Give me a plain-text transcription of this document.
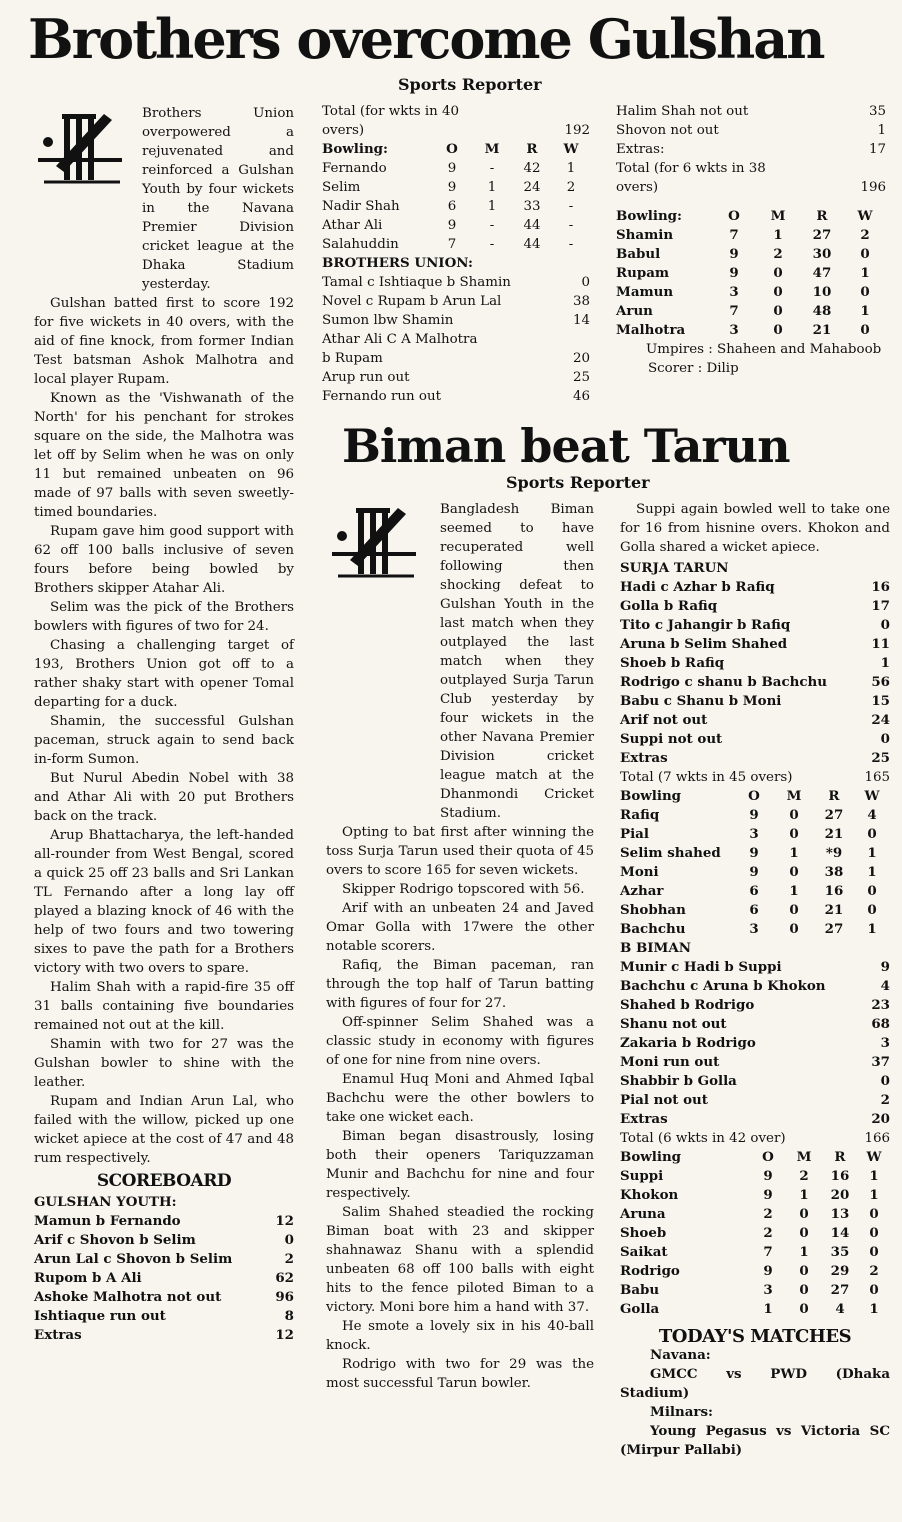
Brothers overcome Gulshan
Sports Reporter

Brothers Union overpowered a rejuvenated and reinforced a Gulshan Youth by four wickets in the Navana Premier Division cricket league at the Dhaka Stadium yesterday.

Gulshan batted first to score 192 for five wickets in 40 overs, with the aid of fine knock, from former Indian Test batsman Ashok Malhotra and local player Rupam.

Known as the 'Vishwanath of the North' for his penchant for strokes square on the side, the Malhotra was let off by Selim when he was on only 11 but remained unbeaten on 96 made of 97 balls with seven sweetly-timed boundaries.

Rupam gave him good support with 62 off 100 balls inclusive of seven fours before being bowled by Brothers skipper Atahar Ali.

Selim was the pick of the Brothers bowlers with figures of two for 24.

Chasing a challenging target of 193, Brothers Union got off to a rather shaky start with opener Tomal departing for a duck.

Shamin, the successful Gulshan paceman, struck again to send back in-form Sumon.

But Nurul Abedin Nobel with 38 and Athar Ali with 20 put Brothers back on the track.

Arup Bhattacharya, the left-handed all-rounder from West Bengal, scored a quick 25 off 23 balls and Sri Lankan TL Fernando after a long lay off played a blazing knock of 46 with the help of two fours and two towering sixes to pave the path for a Brothers victory with two overs to spare.

Halim Shah with a rapid-fire 35 off 31 balls containing five boundaries remained not out at the kill.

Shamin with two for 27 was the Gulshan bowler to shine with the leather.

Rupam and Indian Arun Lal, who failed with the willow, picked up one wicket apiece at the cost of 47 and 48 rum respectively.

SCOREBOARD
GULSHAN YOUTH:
Mamun b Fernando	12
Arif c Shovon b Selim	0
Arun Lal c Shovon b Selim	2
Rupom b A Ali	62
Ashoke Malhotra not out	96
Ishtiaque run out	8
Extras	12
Total (for wkts in 40
overs)	192
Bowling:	O	M	R	W
Fernando	9	-	42	1
Selim	9	1	24	2
Nadir Shah	6	1	33	-
Athar Ali	9	-	44	-
Salahuddin	7	-	44	-
BROTHERS UNION:
Tamal c Ishtiaque b Shamin	0
Novel c Rupam b Arun Lal	38
Sumon lbw Shamin	14
Athar Ali C A Malhotra
b Rupam	20
Arup run out	25
Fernando run out	46
Halim Shah not out	35
Shovon not out	1
Extras:	17
Total (for 6 wkts in 38
overs)	196
Bowling:	O	M	R	W
Shamin	7	1	27	2
Babul	9	2	30	0
Rupam	9	0	47	1
Mamun	3	0	10	0
Arun	7	0	48	1
Malhotra	3	0	21	0

Umpires : Shaheen and Mahaboob

Scorer : Dilip
Biman beat Tarun
Sports Reporter

Bangladesh Biman seemed to have recuperated well following then shocking defeat to Gulshan Youth in the last match when they outplayed the last match when they outplayed Surja Tarun Club yesterday by four wickets in the other Navana Premier Division cricket league match at the Dhanmondi Cricket Stadium.

Opting to bat first after winning the toss Surja Tarun used their quota of 45 overs to score 165 for seven wickets.

Skipper Rodrigo topscored with 56.

Arif with an unbeaten 24 and Javed Omar Golla with 17were the other notable scorers.

Rafiq, the Biman paceman, ran through the top half of Tarun batting with figures of four for 27.

Off-spinner Selim Shahed was a classic study in economy with figures of one for nine from nine overs.

Enamul Huq Moni and Ahmed Iqbal Bachchu were the other bowlers to take one wicket each.

Biman began disastrously, losing both their openers Tariquzzaman Munir and Bachchu for nine and four respectively.

Salim Shahed steadied the rocking Biman boat with 23 and skipper shahnawaz Shanu with a splendid unbeaten 68 off 100 balls with eight hits to the fence piloted Biman to a victory. Moni bore him a hand with 37.

He smote a lovely six in his 40-ball knock.

Rodrigo with two for 29 was the most successful Tarun bowler.

Suppi again bowled well to take one for 16 from hisnine overs. Khokon and Golla shared a wicket apiece.

SURJA TARUN
Hadi c Azhar b Rafiq	16
Golla b Rafiq	17
Tito c Jahangir b Rafiq	0
Aruna b Selim Shahed	11
Shoeb b Rafiq	1
Rodrigo c shanu b Bachchu	56
Babu c Shanu b Moni	15
Arif not out	24
Suppi not out	0
Extras	25
Total (7 wkts in 45 overs)	165
Bowling	O	M	R	W
Rafiq	9	0	27	4
Pial	3	0	21	0
Selim shahed	9	1	*9	1
Moni	9	0	38	1
Azhar	6	1	16	0
Shobhan	6	0	21	0
Bachchu	3	0	27	1
B BIMAN
Munir c Hadi b Suppi	9
Bachchu c Aruna b Khokon	4
Shahed b Rodrigo	23
Shanu not out	68
Zakaria b Rodrigo	3
Moni run out	37
Shabbir b Golla	0
Pial not out	2
Extras	20
Total (6 wkts in 42 over)	166
Bowling	O	M	R	W
Suppi	9	2	16	1
Khokon	9	1	20	1
Aruna	2	0	13	0
Shoeb	2	0	14	0
Saikat	7	1	35	0
Rodrigo	9	0	29	2
Babu	3	0	27	0
Golla	1	0	4	1
TODAY'S MATCHES
Navana:

GMCC vs PWD (Dhaka Stadium)

Milnars:

Young Pegasus vs Victoria SC (Mirpur Pallabi)
